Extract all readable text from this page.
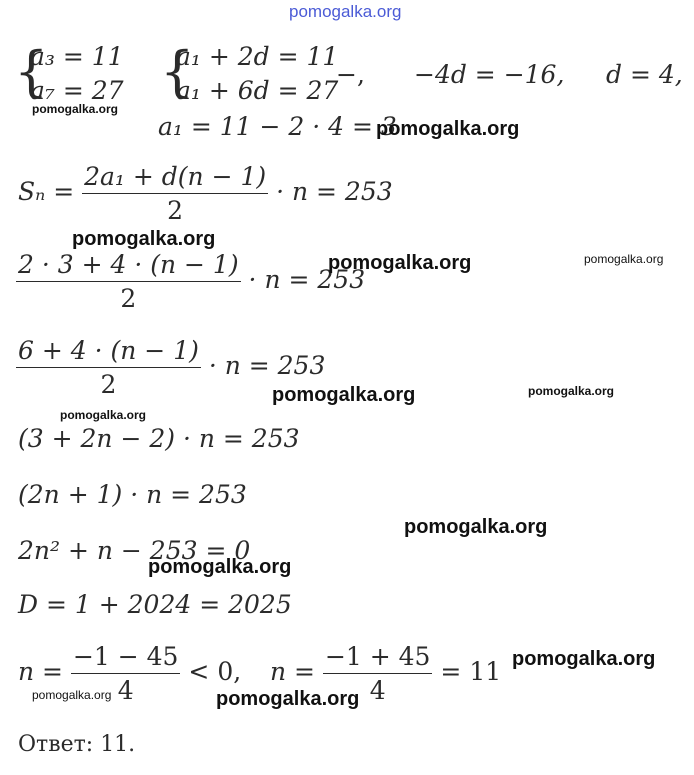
pomogalka.org
{
a₃ = 11
a₇ = 27 {
a₁ + 2d = 11
a₁ + 6d = 27
−, −4d = −16, d = 4,
pomogalka.org
a₁ = 11 − 2 · 4 = 3
pomogalka.org
$S_n = \frac{\text{2a₁ + d(n − 1)}}{2} \cdot n = 253$
pomogalka.org
$\frac{2 \cdot 3 + 4 \cdot (n - 1)}{2} \cdot n = 253$
pomogalka.org	pomogalka.org
$\frac{6 + 4 \cdot (n - 1)}{2} \cdot n = 253$
pomogalka.org	pomogalka.org
pomogalka.org
(3 + 2n − 2) · n = 253
(2n + 1) · n = 253
pomogalka.org
2n² + n − 253 = 0
pomogalka.org
D = 1 + 2024 = 2025
$n = \frac{-1 - 45}{4} < 0$, $n = \frac{-1 + 45}{4} = 11$ pomogalka.org
pomogalka.org	pomogalka.org
Ответ: 11.
